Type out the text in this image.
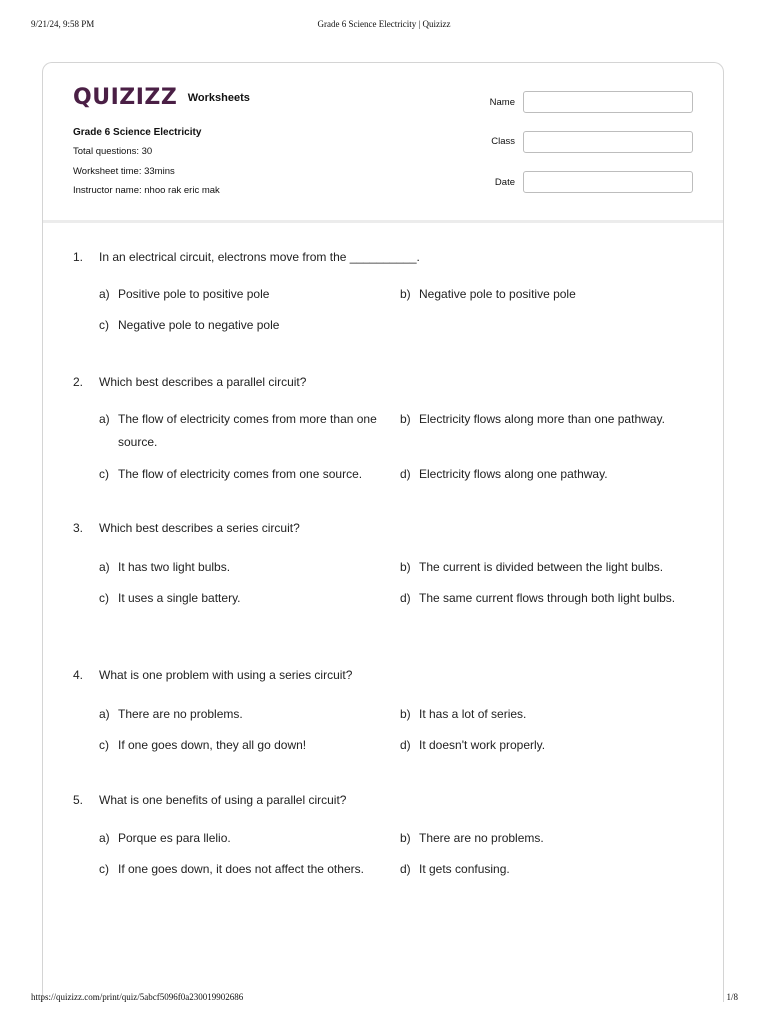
Grade 6 Science Electricity | Quizizz
9/21/24, 9:58 PM
QUIZIZZ Worksheets
Grade 6 Science Electricity
Total questions: 30
Worksheet time: 33mins
Instructor name: nhoo rak eric mak
Name
Class
Date
1. In an electrical circuit, electrons move from the __________.
a) Positive pole to positive pole	b) Negative pole to positive pole
c) Negative pole to negative pole
2. Which best describes a parallel circuit?
a) The flow of electricity comes from more than one source.
b) Electricity flows along more than one pathway.
c) The flow of electricity comes from one source.	d) Electricity flows along one pathway.
3. Which best describes a series circuit?
a) It has two light bulbs.	b) The current is divided between the light bulbs.
c) It uses a single battery.	d) The same current flows through both light bulbs.
4. What is one problem with using a series circuit?
a) There are no problems.	b) It has a lot of series.
c) If one goes down, they all go down!	d) It doesn't work properly.
5. What is one benefits of using a parallel circuit?
a) Porque es para llelio.	b) There are no problems.
c) If one goes down, it does not affect the others.	d) It gets confusing.
https://quizizz.com/print/quiz/5abcf5096f0a230019902686	1/8
